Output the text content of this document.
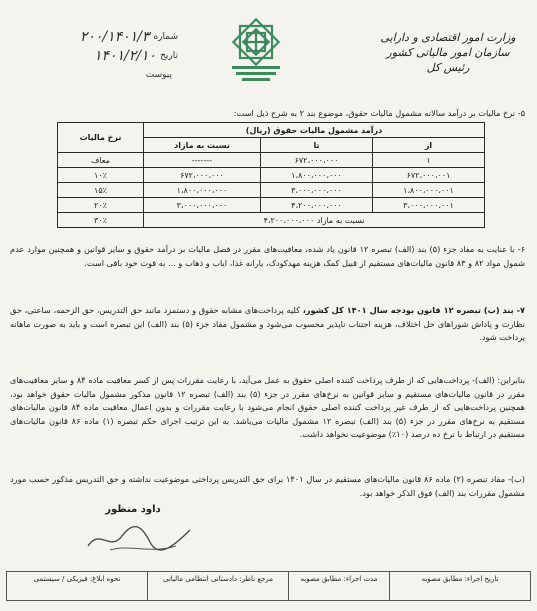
وزارت امور اقتصادی و دارایی
سازمان امور مالیاتی کشور
رئیس کل
شماره
۲۰۰/۱۴۰۱/۳
تاریخ
۱۴۰۱/۲/۱۰
پیوست
۵- نرخ مالیات بر درآمد سالانه مشمول مالیات حقوق، موضوع بند ۲ به شرح ذیل است:
درآمد مشمول مالیات حقوق (ریال)			نرخ مالیات
از	تا	نسبت به مازاد	
۱	۶۷۲،۰۰۰،۰۰۰	-------	معاف
۶۷۲،۰۰۰،۰۰۱	۱،۸۰۰،۰۰۰،۰۰۰	۶۷۲،۰۰۰،۰۰۰	۱۰٪
۱،۸۰۰،۰۰۰،۰۰۱	۳،۰۰۰،۰۰۰،۰۰۰	۱،۸۰۰،۰۰۰،۰۰۰	۱۵٪
۳،۰۰۰،۰۰۰،۰۰۱	۴،۲۰۰،۰۰۰،۰۰۰	۳،۰۰۰،۰۰۰،۰۰۰	۲۰٪
نسبت به مازاد ۴،۲۰۰،۰۰۰،۰۰۰			۳۰٪
۶- با عنایت به مفاد جزء (۵) بند (الف) تبصره ۱۲ قانون یاد شده، معافیت‌های مقرر در فصل مالیات بر درآمد حقوق و سایر قوانین و همچنین موارد عدم شمول مواد ۸۲ و ۸۳ قانون مالیات‌های مستقیم از قبیل کمک هزینه مهدکودک، یارانه غذا، ایاب و ذهاب و ... به قوت خود باقی است.
۷- بند (ب) تبصره ۱۲ قانون بودجه سال ۱۴۰۱ کل کشور، کلیه پرداخت‌های مشابه حقوق و دستمزد مانند حق التدریس، حق الزحمه، ساعتی، حق نظارت و پاداش شوراهای حل اختلاف، هزینه اجتناب ناپذیر محسوب می‌شود و مشمول مفاد جزء (۵) بند (الف) این تبصره است و باید به صورت ماهانه پرداخت شود.
بنابراین: (الف)- پرداخت‌هایی که از طرف پرداخت کننده اصلی حقوق به عمل می‌آید، با رعایت مقررات پس از کسر معافیت ماده ۸۴ و سایر معافیت‌های مقرر در قانون مالیات‌های مستقیم و سایر قوانین به نرخ‌های مقرر در جزء (۵) بند (الف) تبصره ۱۲ قانون مذکور مشمول مالیات حقوق خواهد بود، همچنین پرداخت‌هایی که از طرف غیر پرداخت کننده اصلی حقوق انجام می‌شود با رعایت مقررات و بدون اعمال معافیت ماده ۸۴ قانون مالیات‌های مستقیم به نرخ‌های مقرر در جزء (۵) بند (الف) تبصره ۱۲ مشمول مالیات می‌باشد. به این ترتیب اجرای حکم تبصره (۱) ماده ۸۶ قانون مالیات‌های مستقیم در ارتباط با نرخ ده درصد (۱۰٪) موضوعیت نخواهد داشت.
(ب)- مفاد تبصره (۲) ماده ۸۶ قانون مالیات‌های مستقیم در سال ۱۴۰۱ برای حق التدریس پرداختی موضوعیت نداشته و حق التدریس مذکور حسب مورد مشمول مقررات بند (الف) فوق الذکر خواهد بود.
داود منظور
تاریخ اجراء: مطابق مصوبه
مدت اجراء: مطابق مصوبه
مرجع ناظر: دادستانی انتظامی مالیاتی
نحوه ابلاغ: فیزیکی / سیستمی
